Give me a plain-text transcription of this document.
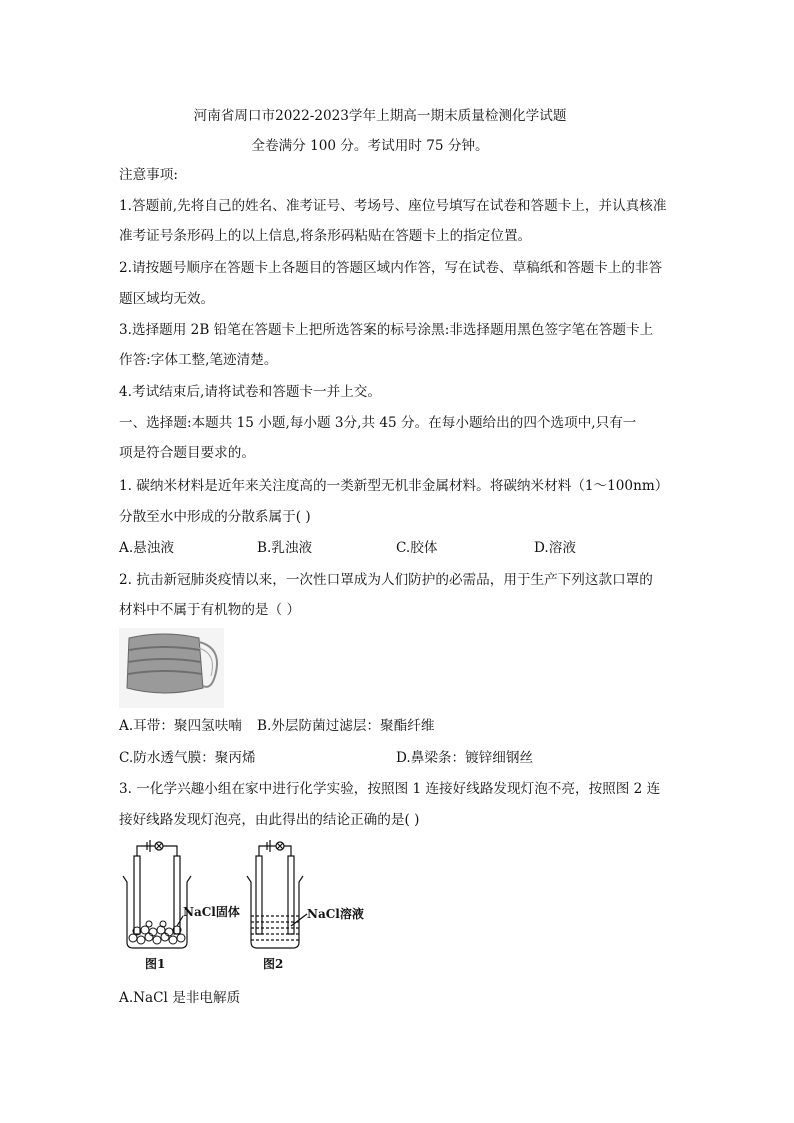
河南省周口市2022-2023学年上期高一期末质量检测化学试题
全卷满分 100 分。考试用时 75 分钟。
注意事项:
1.答题前,先将自己的姓名、准考证号、考场号、座位号填写在试卷和答题卡上，并认真核准
准考证号条形码上的以上信息,将条形码粘贴在答题卡上的指定位置。
2.请按题号顺序在答题卡上各题目的答题区域内作答，写在试卷、草稿纸和答题卡上的非答
题区域均无效。
3.选择题用 2B 铅笔在答题卡上把所选答案的标号涂黑:非选择题用黑色签字笔在答题卡上
作答:字体工整,笔迹清楚。
4.考试结束后,请将试卷和答题卡一并上交。
一、选择题:本题共 15 小题,每小题 3分,共 45 分。在每小题给出的四个选项中,只有一
项是符合题目要求的。
1. 碳纳米材料是近年来关注度高的一类新型无机非金属材料。将碳纳米材料（1～100nm）
分散至水中形成的分散系属于( )
A.悬浊液	B.乳浊液	C.胶体	D.溶液
2. 抗击新冠肺炎疫情以来，一次性口罩成为人们防护的必需品，用于生产下列这款口罩的
材料中不属于有机物的是（ ）
A.耳带：聚四氢呋喃 B.外层防菌过滤层：聚酯纤维
C.防水透气膜：聚丙烯	D.鼻梁条：镀锌细钢丝
3. 一化学兴趣小组在家中进行化学实验，按照图 1 连接好线路发现灯泡不亮，按照图 2 连
接好线路发现灯泡亮，由此得出的结论正确的是( )
NaCl固体	NaCl溶液
图1	图2
A.NaCl 是非电解质
